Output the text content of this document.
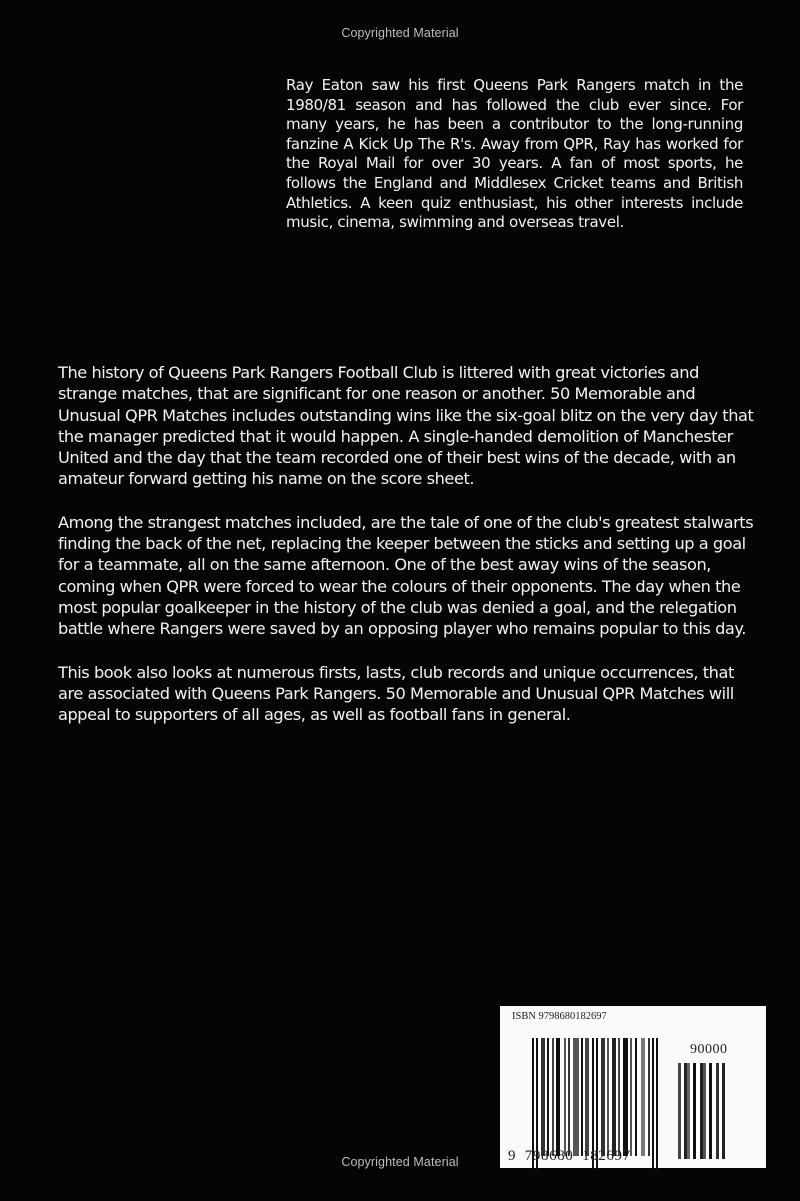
Copyrighted Material
Ray Eaton saw his first Queens Park Rangers match in the 1980/81 season and has followed the club ever since. For many years, he has been a contributor to the long-running fanzine A Kick Up The R's. Away from QPR, Ray has worked for the Royal Mail for over 30 years. A fan of most sports, he follows the England and Middlesex Cricket teams and British Athletics. A keen quiz enthusiast, his other interests include music, cinema, swimming and overseas travel.

The history of Queens Park Rangers Football Club is littered with great victories and strange matches, that are significant for one reason or another. 50 Memorable and Unusual QPR Matches includes outstanding wins like the six-goal blitz on the very day that the manager predicted that it would happen. A single-handed demolition of Manchester United and the day that the team recorded one of their best wins of the decade, with an amateur forward getting his name on the score sheet.

Among the strangest matches included, are the tale of one of the club's greatest stalwarts finding the back of the net, replacing the keeper between the sticks and setting up a goal for a teammate, all on the same afternoon. One of the best away wins of the season, coming when QPR were forced to wear the colours of their opponents. The day when the most popular goalkeeper in the history of the club was denied a goal, and the relegation battle where Rangers were saved by an opposing player who remains popular to this day.

This book also looks at numerous firsts, lasts, club records and unique occurrences, that are associated with Queens Park Rangers. 50 Memorable and Unusual QPR Matches will appeal to supporters of all ages, as well as football fans in general.

ISBN 9798680182697
90000
9  798680  182697
Copyrighted Material
